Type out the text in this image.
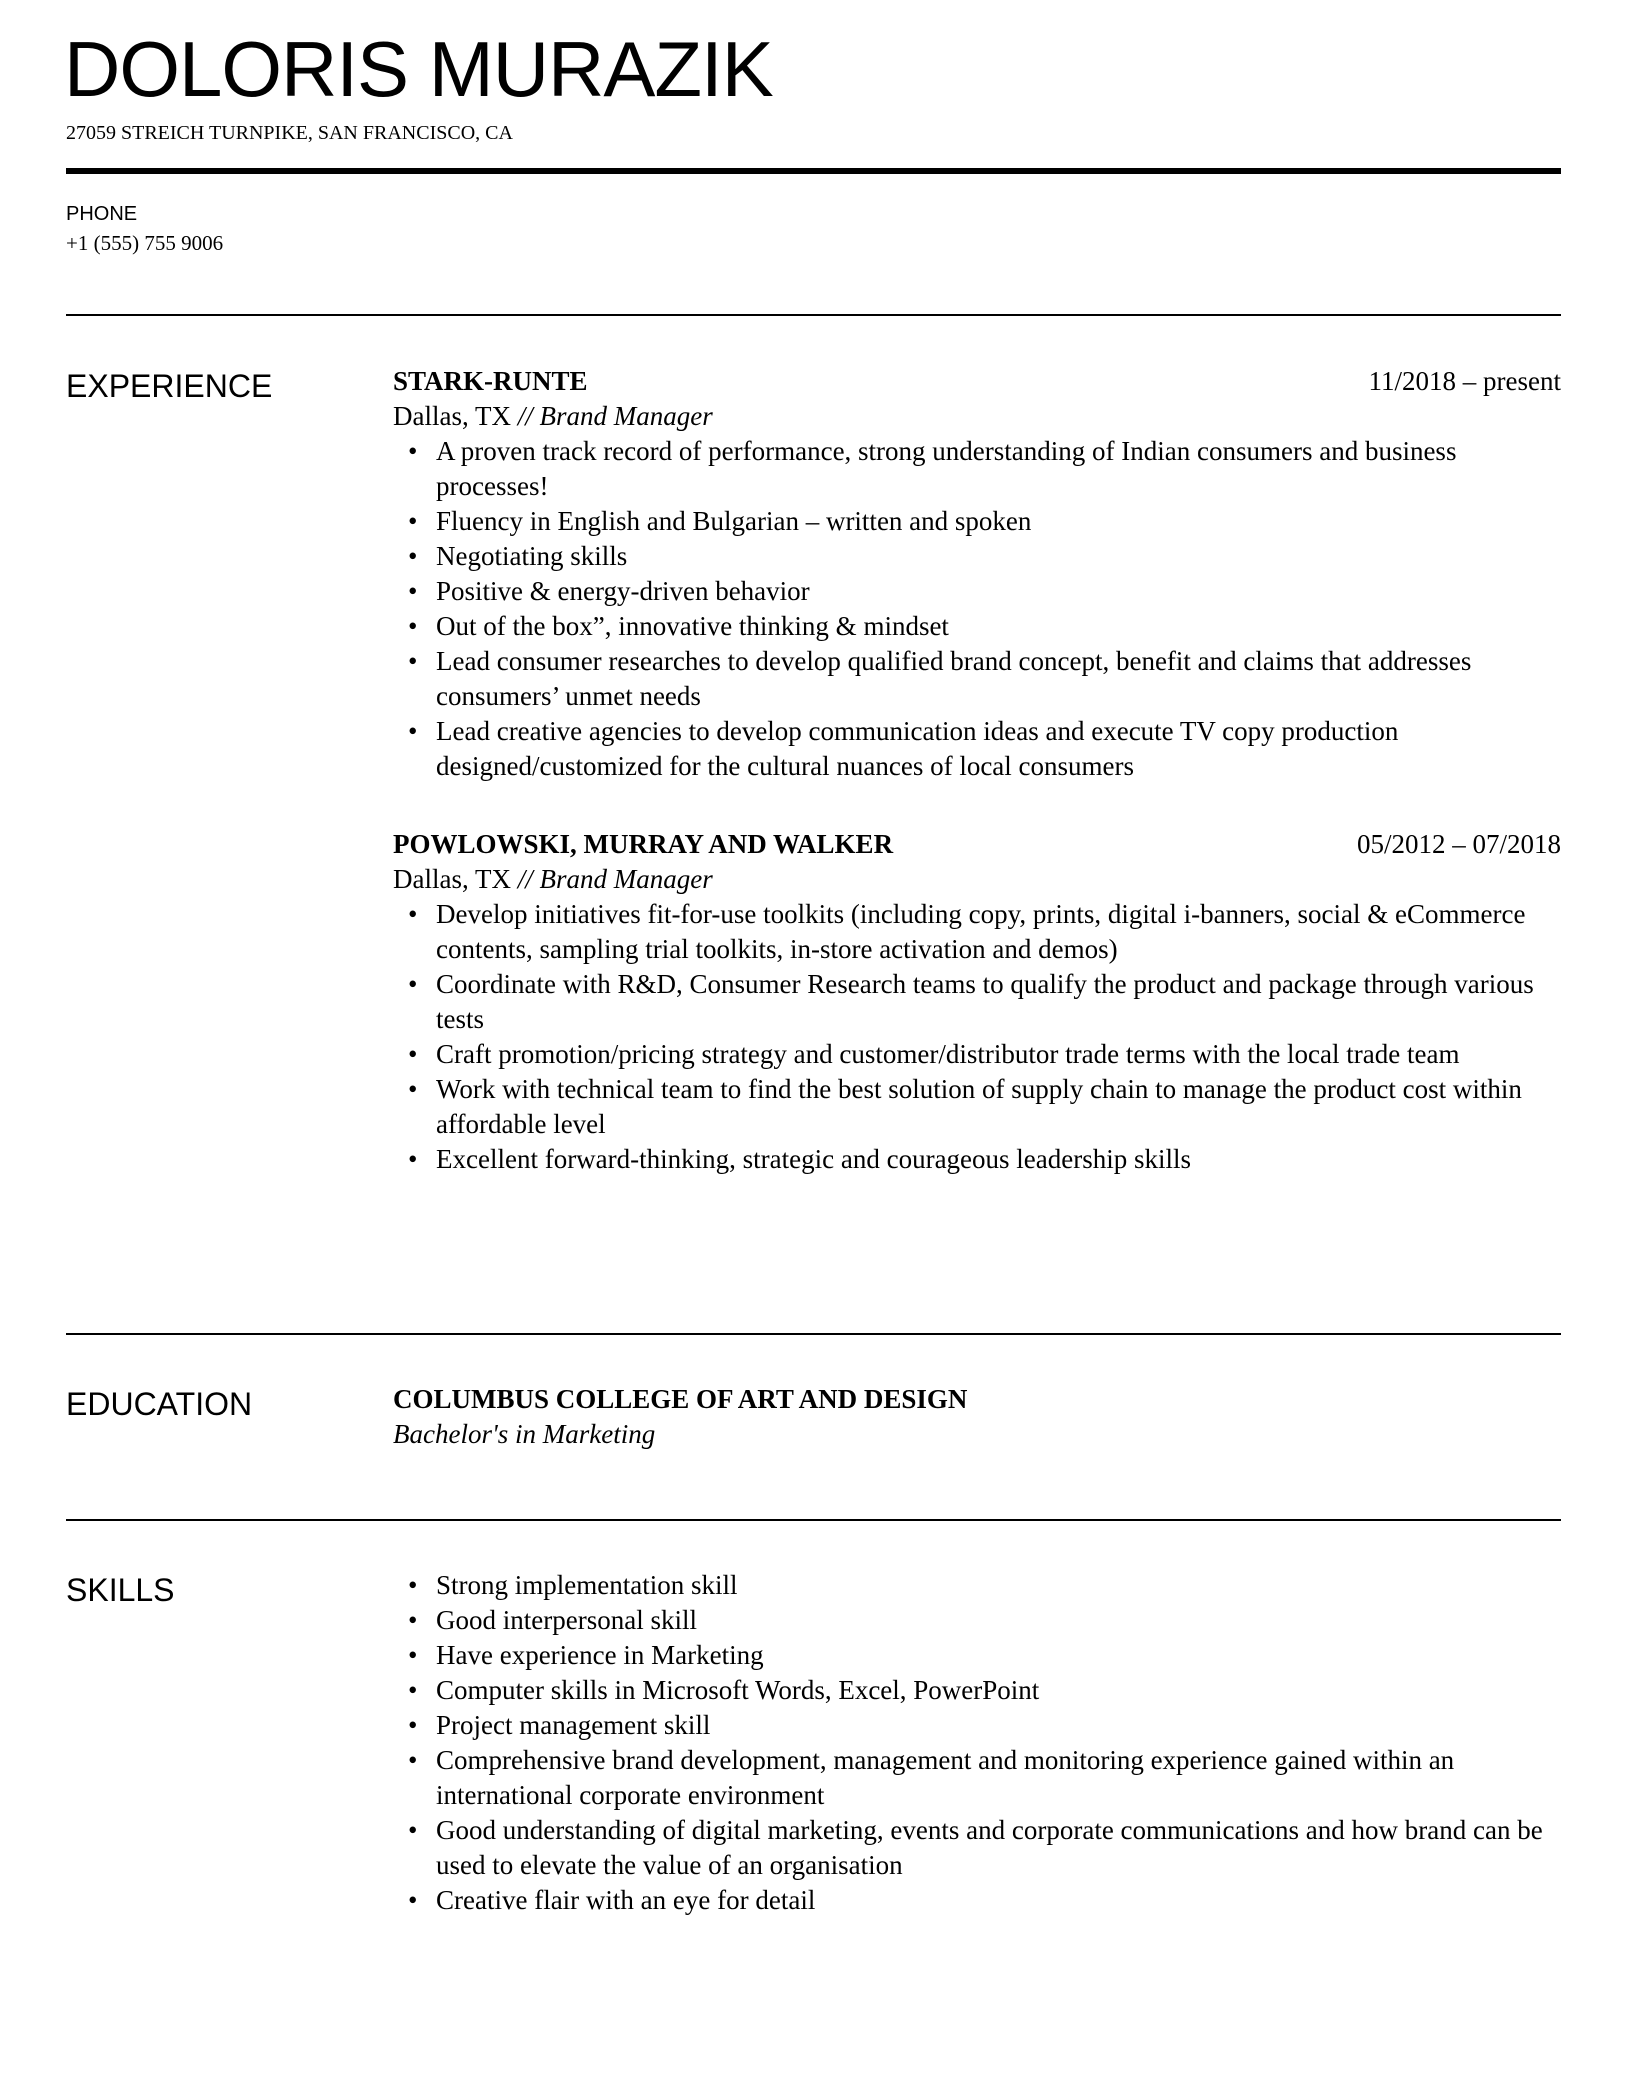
DOLORIS MURAZIK
27059 STREICH TURNPIKE, SAN FRANCISCO, CA
PHONE
+1 (555) 755 9006
EXPERIENCE	STARK-RUNTE	11/2018 – present
Dallas, TX // Brand Manager
• A proven track record of performance, strong understanding of Indian consumers and business processes!
• Fluency in English and Bulgarian – written and spoken
• Negotiating skills
• Positive & energy-driven behavior
• Out of the box”, innovative thinking & mindset
• Lead consumer researches to develop qualified brand concept, benefit and claims that addresses consumers’ unmet needs
• Lead creative agencies to develop communication ideas and execute TV copy production designed/customized for the cultural nuances of local consumers
POWLOWSKI, MURRAY AND WALKER	05/2012 – 07/2018
Dallas, TX // Brand Manager
• Develop initiatives fit-for-use toolkits (including copy, prints, digital i-banners, social & eCommerce contents, sampling trial toolkits, in-store activation and demos)
• Coordinate with R&D, Consumer Research teams to qualify the product and package through various tests
• Craft promotion/pricing strategy and customer/distributor trade terms with the local trade team
• Work with technical team to find the best solution of supply chain to manage the product cost within affordable level
• Excellent forward-thinking, strategic and courageous leadership skills
EDUCATION	COLUMBUS COLLEGE OF ART AND DESIGN
Bachelor's in Marketing
SKILLS	• Strong implementation skill
• Good interpersonal skill
• Have experience in Marketing
• Computer skills in Microsoft Words, Excel, PowerPoint
• Project management skill
• Comprehensive brand development, management and monitoring experience gained within an international corporate environment
• Good understanding of digital marketing, events and corporate communications and how brand can be used to elevate the value of an organisation
• Creative flair with an eye for detail
